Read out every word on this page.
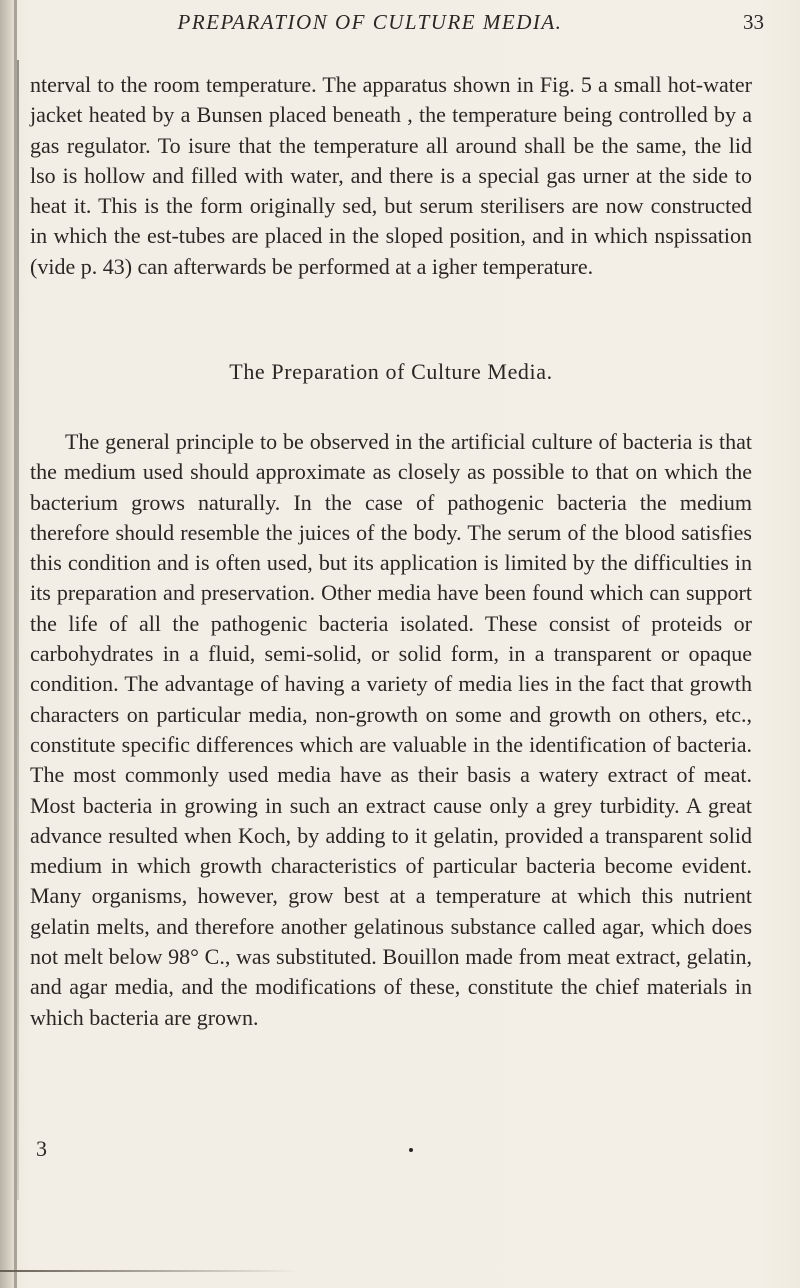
PREPARATION OF CULTURE MEDIA.	33

nterval to the room temperature. The apparatus shown in Fig. 5 a small hot-water jacket heated by a Bunsen placed beneath , the temperature being controlled by a gas regulator. To isure that the temperature all around shall be the same, the lid lso is hollow and filled with water, and there is a special gas urner at the side to heat it. This is the form originally sed, but serum sterilisers are now constructed in which the est-tubes are placed in the sloped position, and in which nspissation (vide p. 43) can afterwards be performed at a igher temperature.

The Preparation of Culture Media.

The general principle to be observed in the artificial culture of bacteria is that the medium used should approximate as closely as possible to that on which the bacterium grows naturally. In the case of pathogenic bacteria the medium therefore should resemble the juices of the body. The serum of the blood satisfies this condition and is often used, but its application is limited by the difficulties in its preparation and preservation. Other media have been found which can support the life of all the pathogenic bacteria isolated. These consist of proteids or carbohydrates in a fluid, semi-solid, or solid form, in a transparent or opaque condition. The advantage of having a variety of media lies in the fact that growth characters on particular media, non-growth on some and growth on others, etc., constitute specific differences which are valuable in the identification of bacteria. The most commonly used media have as their basis a watery extract of meat. Most bacteria in growing in such an extract cause only a grey turbidity. A great advance resulted when Koch, by adding to it gelatin, provided a transparent solid medium in which growth characteristics of particular bacteria become evident. Many organisms, however, grow best at a temperature at which this nutrient gelatin melts, and therefore another gelatinous substance called agar, which does not melt below 98° C., was substituted. Bouillon made from meat extract, gelatin, and agar media, and the modifications of these, constitute the chief materials in which bacteria are grown.

3
